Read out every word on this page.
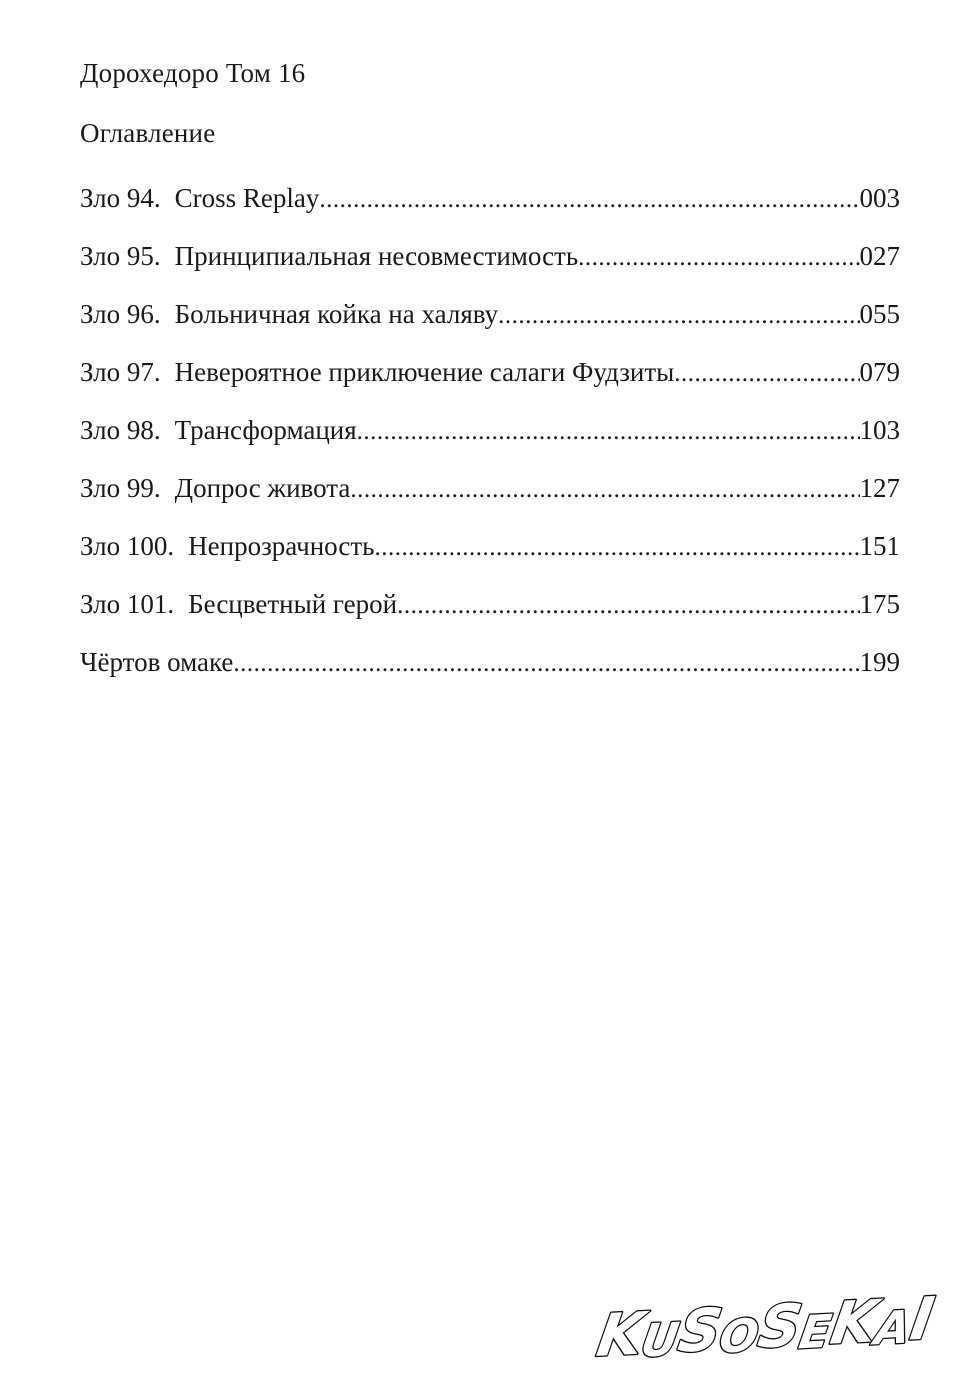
Дорохедоро Том 16
Оглавление
Зло 94. Cross Replay .....	003
Зло 95. Принципиальная несовместимость .....	027
Зло 96. Больничная койка на халяву .....	055
Зло 97. Невероятное приключение салаги Фудзиты .....	079
Зло 98. Трансформация .....	103
Зло 99. Допрос живота .....	127
Зло 100. Непрозрачность .....	151
Зло 101. Бесцветный герой .....	175
Чёртов омаке .....	199
KUSOSEKAI
